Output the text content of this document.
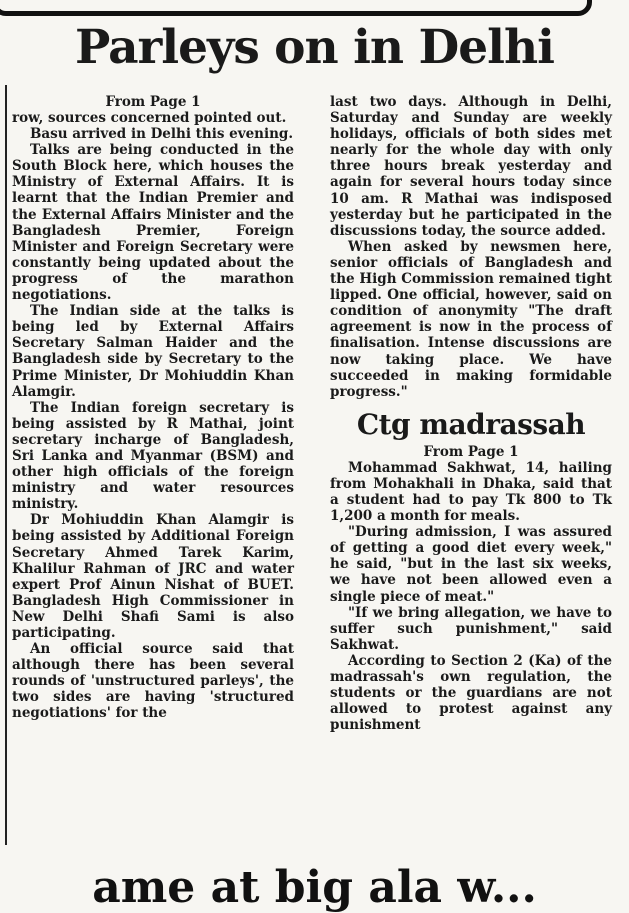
Parleys on in Delhi

From Page 1

row, sources concerned pointed out.

Basu arrived in Delhi this evening.

Talks are being conducted in the South Block here, which houses the Ministry of External Affairs. It is learnt that the Indian Premier and the External Affairs Minister and the Bangladesh Premier, Foreign Minister and Foreign Secretary were constantly being updated about the progress of the marathon negotiations.

The Indian side at the talks is being led by External Affairs Secretary Salman Haider and the Bangladesh side by Secretary to the Prime Minister, Dr Mohiuddin Khan Alamgir.

The Indian foreign secretary is being assisted by R Mathai, joint secretary incharge of Bangladesh, Sri Lanka and Myanmar (BSM) and other high officials of the foreign ministry and water resources ministry.

Dr Mohiuddin Khan Alamgir is being assisted by Additional Foreign Secretary Ahmed Tarek Karim, Khalilur Rahman of JRC and water expert Prof Ainun Nishat of BUET. Bangladesh High Commissioner in New Delhi Shafi Sami is also participating.

An official source said that although there has been several rounds of 'unstructured parleys', the two sides are having 'structured negotiations' for the

last two days. Although in Delhi, Saturday and Sunday are weekly holidays, officials of both sides met nearly for the whole day with only three hours break yesterday and again for several hours today since 10 am. R Mathai was indisposed yesterday but he participated in the discussions today, the source added.

When asked by newsmen here, senior officials of Bangladesh and the High Commission remained tight lipped. One official, however, said on condition of anonymity "The draft agreement is now in the process of finalisation. Intense discussions are now taking place. We have succeeded in making formidable progress."

Ctg madrassah

From Page 1

Mohammad Sakhwat, 14, hailing from Mohakhali in Dhaka, said that a student had to pay Tk 800 to Tk 1,200 a month for meals.

"During admission, I was assured of getting a good diet every week," he said, "but in the last six weeks, we have not been allowed even a single piece of meat."

"If we bring allegation, we have to suffer such punishment," said Sakhwat.

According to Section 2 (Ka) of the madrassah's own regulation, the students or the guardians are not allowed to protest against any punishment

ame at big ala w...
